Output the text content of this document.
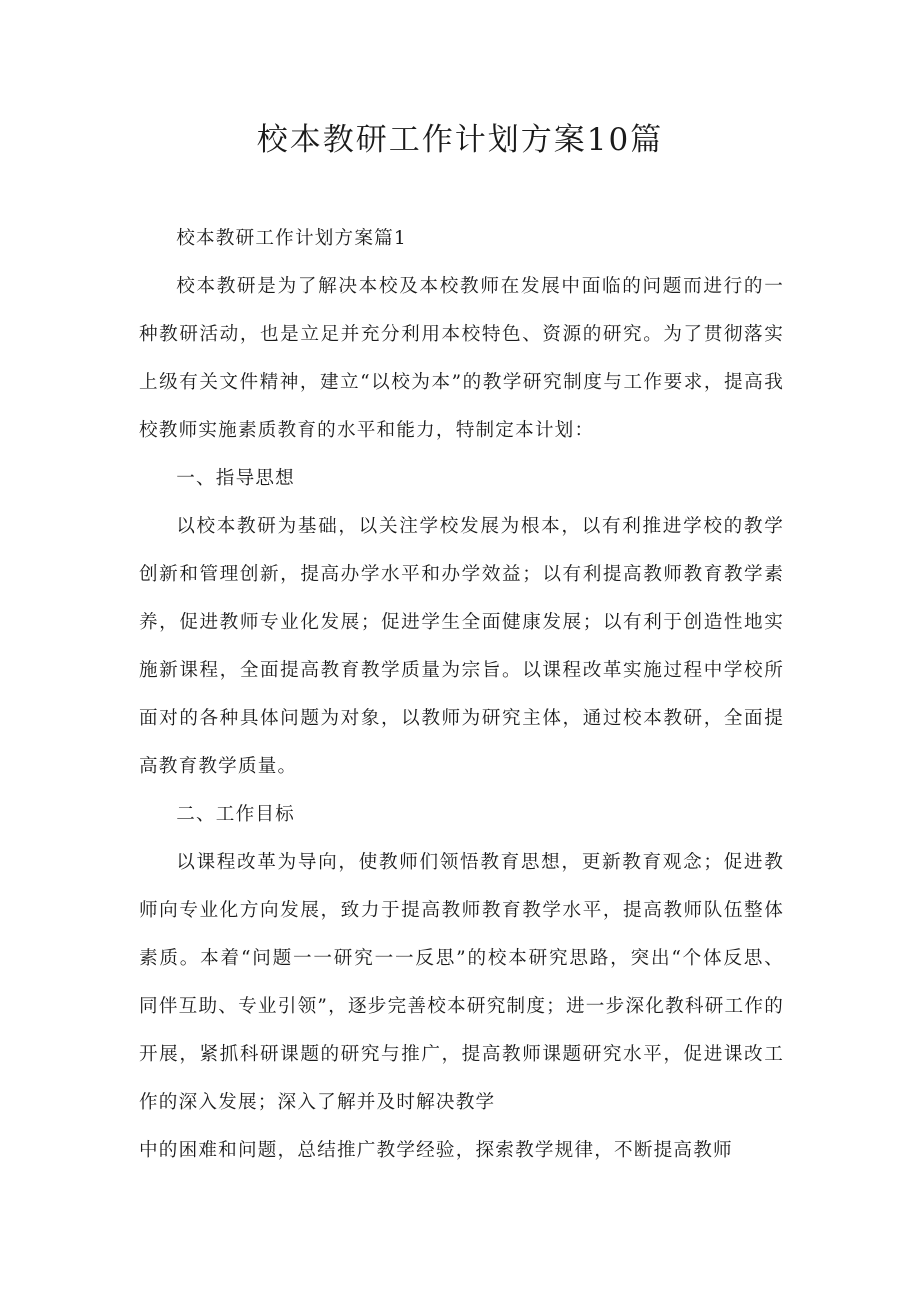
校本教研工作计划方案10篇

校本教研工作计划方案篇1

校本教研是为了解决本校及本校教师在发展中面临的问题而进行的一种教研活动，也是立足并充分利用本校特色、资源的研究。为了贯彻落实上级有关文件精神，建立“以校为本”的教学研究制度与工作要求，提高我校教师实施素质教育的水平和能力，特制定本计划：

一、指导思想

以校本教研为基础，以关注学校发展为根本，以有利推进学校的教学创新和管理创新，提高办学水平和办学效益；以有利提高教师教育教学素养，促进教师专业化发展；促进学生全面健康发展；以有利于创造性地实施新课程，全面提高教育教学质量为宗旨。以课程改革实施过程中学校所面对的各种具体问题为对象，以教师为研究主体，通过校本教研，全面提高教育教学质量。

二、工作目标

以课程改革为导向，使教师们领悟教育思想，更新教育观念；促进教师向专业化方向发展，致力于提高教师教育教学水平，提高教师队伍整体素质。本着“问题一一研究一一反思”的校本研究思路，突出“个体反思、同伴互助、专业引领”，逐步完善校本研究制度；进一步深化教科研工作的开展，紧抓科研课题的研究与推广，提高教师课题研究水平，促进课改工作的深入发展；深入了解并及时解决教学

中的困难和问题，总结推广教学经验，探索教学规律，不断提高教师
